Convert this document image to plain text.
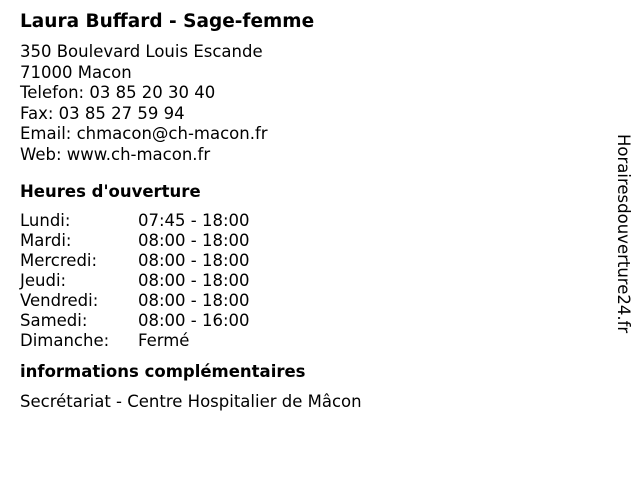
Laura Buffard - Sage-femme
350 Boulevard Louis Escande
71000 Macon
Telefon: 03 85 20 30 40
Fax: 03 85 27 59 94
Email: chmacon@ch-macon.fr
Web: www.ch-macon.fr
Heures d'ouverture
Lundi:	07:45 - 18:00
Mardi:	08:00 - 18:00
Mercredi:	08:00 - 18:00
Jeudi:	08:00 - 18:00
Vendredi:	08:00 - 18:00
Samedi:	08:00 - 16:00
Dimanche:	Fermé
informations complémentaires
Secrétariat - Centre Hospitalier de Mâcon
Horairesdouverture24.fr
